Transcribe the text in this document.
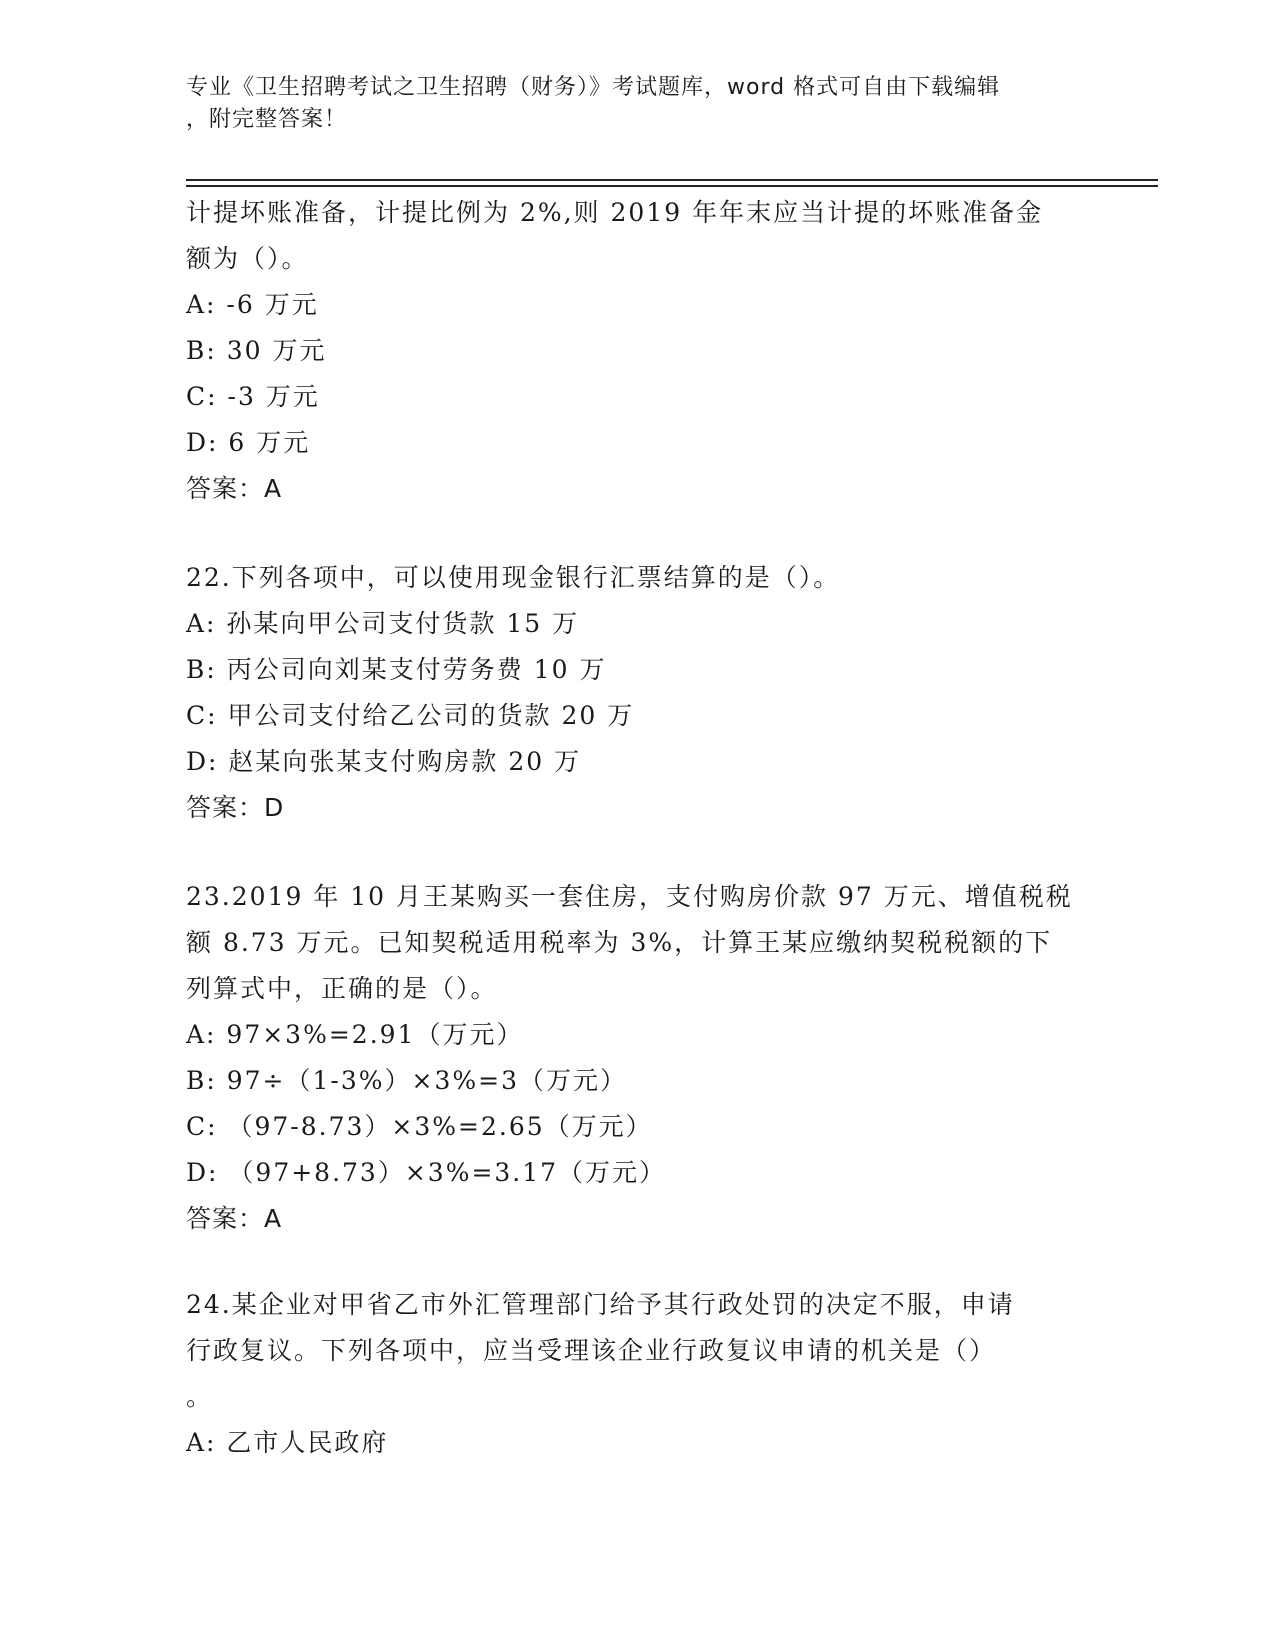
专业《卫生招聘考试之卫生招聘（财务）》考试题库，word 格式可自由下载编辑
，附完整答案！
计提坏账准备，计提比例为 2%,则 2019 年年末应当计提的坏账准备金
额为（）。
A: -6 万元
B: 30 万元
C: -3 万元
D: 6 万元
答案：A
22.下列各项中，可以使用现金银行汇票结算的是（）。
A: 孙某向甲公司支付货款 15 万
B: 丙公司向刘某支付劳务费 10 万
C: 甲公司支付给乙公司的货款 20 万
D: 赵某向张某支付购房款 20 万
答案：D
23.2019 年 10 月王某购买一套住房，支付购房价款 97 万元、增值税税
额 8.73 万元。已知契税适用税率为 3%，计算王某应缴纳契税税额的下
列算式中，正确的是（）。
A: 97×3%=2.91（万元）
B: 97÷（1-3%）×3%=3（万元）
C: （97-8.73）×3%=2.65（万元）
D: （97+8.73）×3%=3.17（万元）
答案：A
24.某企业对甲省乙市外汇管理部门给予其行政处罚的决定不服，申请
行政复议。下列各项中，应当受理该企业行政复议申请的机关是（）
。
A: 乙市人民政府
